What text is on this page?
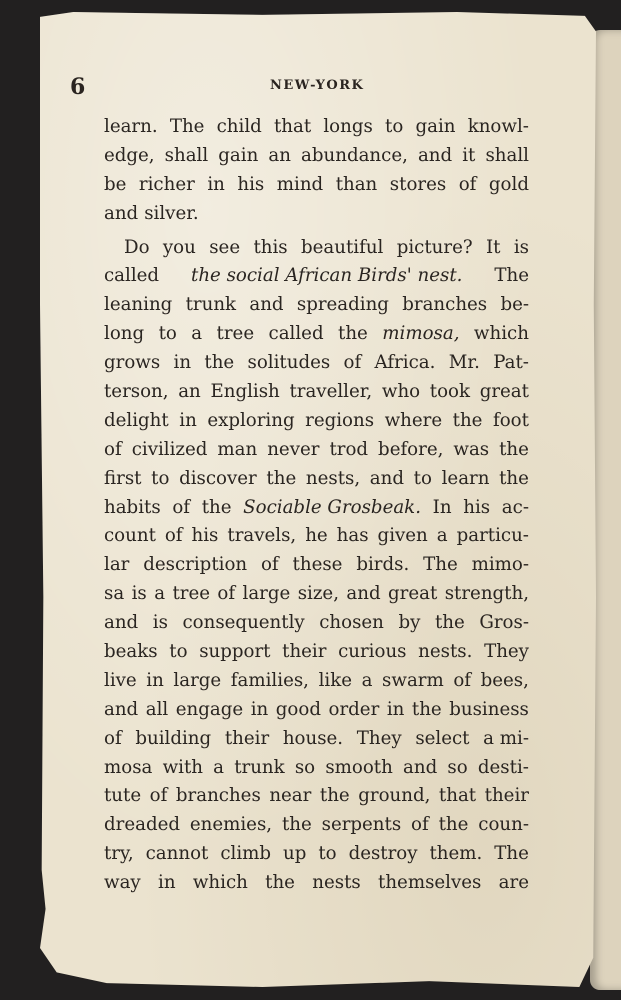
6	NEW-YORK
learn. The child that longs to gain knowl-
edge, shall gain an abundance, and it shall
be richer in his mind than stores of gold
and silver.
Do you see this beautiful picture? It is
called the social African Birds' nest. The
leaning trunk and spreading branches be-
long to a tree called the mimosa, which
grows in the solitudes of Africa. Mr. Pat-
terson, an English traveller, who took great
delight in exploring regions where the foot
of civilized man never trod before, was the
first to discover the nests, and to learn the
habits of the Sociable Grosbeak. In his ac-
count of his travels, he has given a particu-
lar description of these birds. The mimo-
sa is a tree of large size, and great strength,
and is consequently chosen by the Gros-
beaks to support their curious nests. They
live in large families, like a swarm of bees,
and all engage in good order in the business
of building their house. They select a mi-
mosa with a trunk so smooth and so desti-
tute of branches near the ground, that their
dreaded enemies, the serpents of the coun-
try, cannot climb up to destroy them. The
way in which the nests themselves are
